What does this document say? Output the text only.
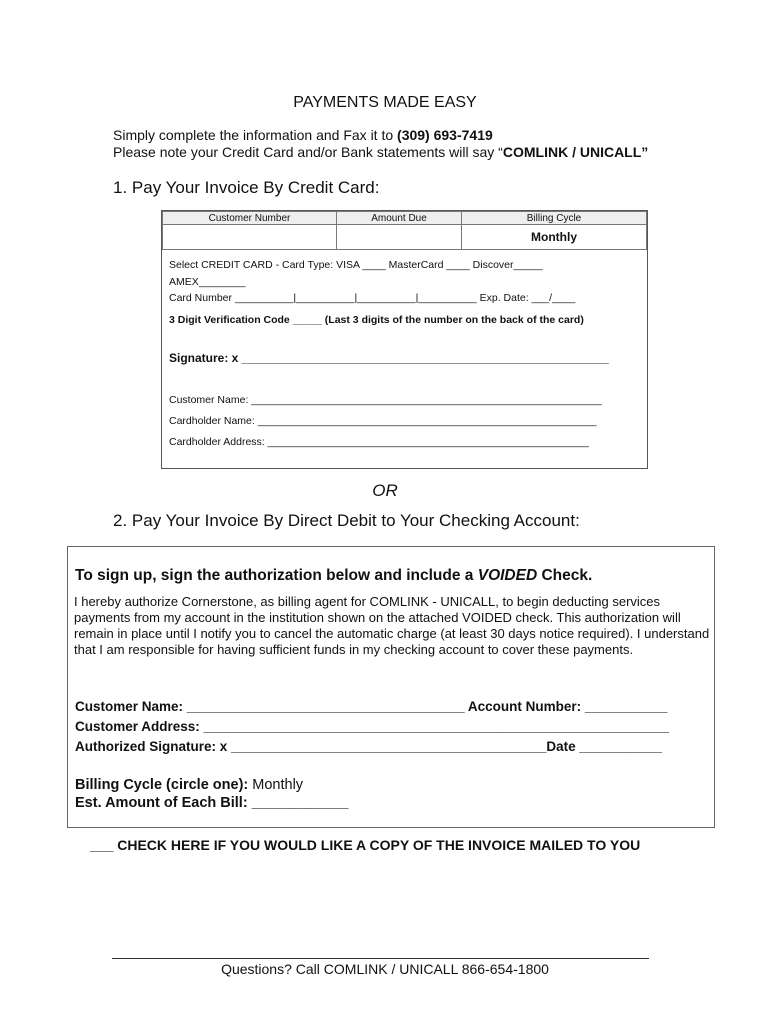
PAYMENTS MADE EASY
Simply complete the information and Fax it to (309) 693-7419
Please note your Credit Card and/or Bank statements will say “COMLINK / UNICALL”
1. Pay Your Invoice By Credit Card:
Customer Number	Amount Due	Billing Cycle
		Monthly
Select CREDIT CARD - Card Type: VISA ____ MasterCard ____ Discover_____
AMEX________
Card Number __________|__________|__________|__________ Exp. Date: ___/____
3 Digit Verification Code _____ (Last 3 digits of the number on the back of the card)
Signature: x _______________________________________________________
Customer Name: ____________________________________________________________
Cardholder Name: __________________________________________________________
Cardholder Address: _______________________________________________________
OR
2. Pay Your Invoice By Direct Debit to Your Checking Account:
To sign up, sign the authorization below and include a VOIDED Check.
I hereby authorize Cornerstone, as billing agent for COMLINK - UNICALL, to begin deducting services payments from my account in the institution shown on the attached VOIDED check. This authorization will remain in place until I notify you to cancel the automatic charge (at least 30 days notice required). I understand that I am responsible for having sufficient funds in my checking account to cover these payments.
Customer Name: _____________________________________ Account Number: ___________
Customer Address: ______________________________________________________________
Authorized Signature: x __________________________________________Date ___________
Billing Cycle (circle one): Monthly
Est. Amount of Each Bill: ____________
___ CHECK HERE IF YOU WOULD LIKE A COPY OF THE INVOICE MAILED TO YOU
Questions? Call COMLINK / UNICALL 866-654-1800
